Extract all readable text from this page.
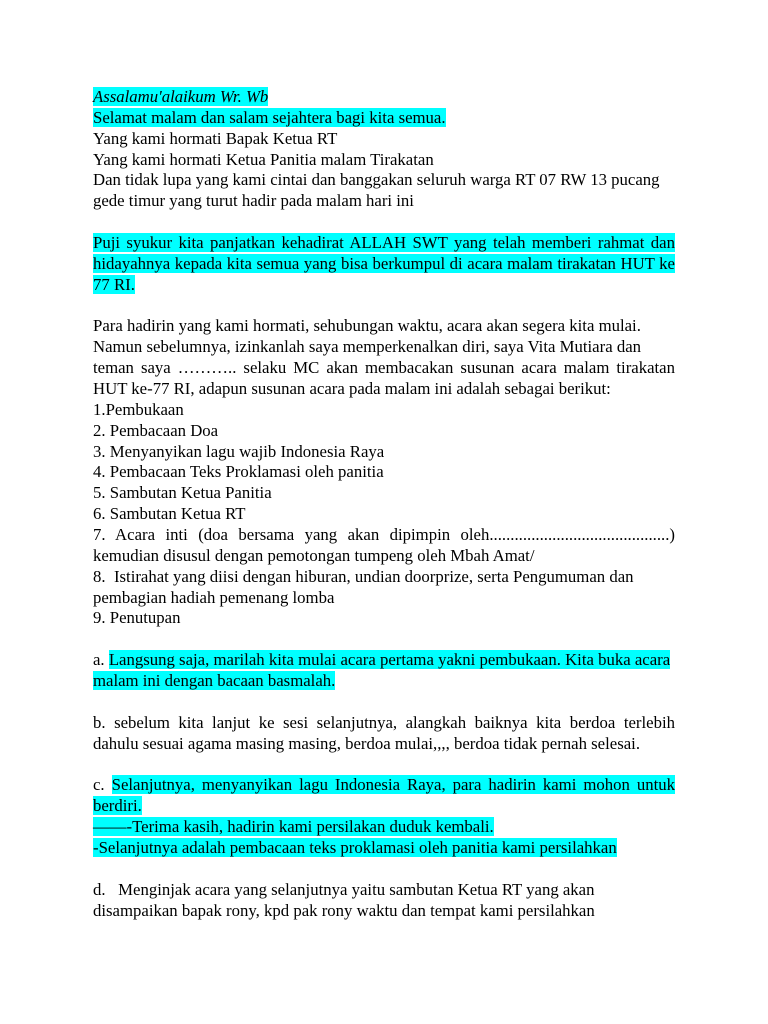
Assalamu'alaikum Wr. Wb
Selamat malam dan salam sejahtera bagi kita semua.
Yang kami hormati Bapak Ketua RT
Yang kami hormati Ketua Panitia malam Tirakatan
Dan tidak lupa yang kami cintai dan banggakan seluruh warga RT 07 RW 13 pucang
gede timur yang turut hadir pada malam hari ini
Puji syukur kita panjatkan kehadirat ALLAH SWT yang telah memberi rahmat dan
hidayahnya kepada kita semua yang bisa berkumpul di acara malam tirakatan HUT ke
77 RI.
Para hadirin yang kami hormati, sehubungan waktu, acara akan segera kita mulai.
Namun sebelumnya, izinkanlah saya memperkenalkan diri, saya Vita Mutiara dan
teman saya ……….. selaku MC akan membacakan susunan acara malam tirakatan
HUT ke-77 RI, adapun susunan acara pada malam ini adalah sebagai berikut:
1.Pembukaan
2. Pembacaan Doa
3. Menyanyikan lagu wajib Indonesia Raya
4. Pembacaan Teks Proklamasi oleh panitia
5. Sambutan Ketua Panitia
6. Sambutan Ketua RT
7. Acara inti (doa bersama yang akan dipimpin oleh...........................................)
kemudian disusul dengan pemotongan tumpeng oleh Mbah Amat/
8.  Istirahat yang diisi dengan hiburan, undian doorprize, serta Pengumuman dan
pembagian hadiah pemenang lomba
9. Penutupan
a. Langsung saja, marilah kita mulai acara pertama yakni pembukaan. Kita buka acara
malam ini dengan bacaan basmalah.
b. sebelum kita lanjut ke sesi selanjutnya, alangkah baiknya kita berdoa terlebih
dahulu sesuai agama masing masing, berdoa mulai,,,, berdoa tidak pernah selesai.
c. Selanjutnya, menyanyikan lagu Indonesia Raya, para hadirin kami mohon untuk
berdiri.
——-Terima kasih, hadirin kami persilakan duduk kembali.
-Selanjutnya adalah pembacaan teks proklamasi oleh panitia kami persilahkan
d. Menginjak acara yang selanjutnya yaitu sambutan Ketua RT yang akan
disampaikan bapak rony, kpd pak rony waktu dan tempat kami persilahkan
